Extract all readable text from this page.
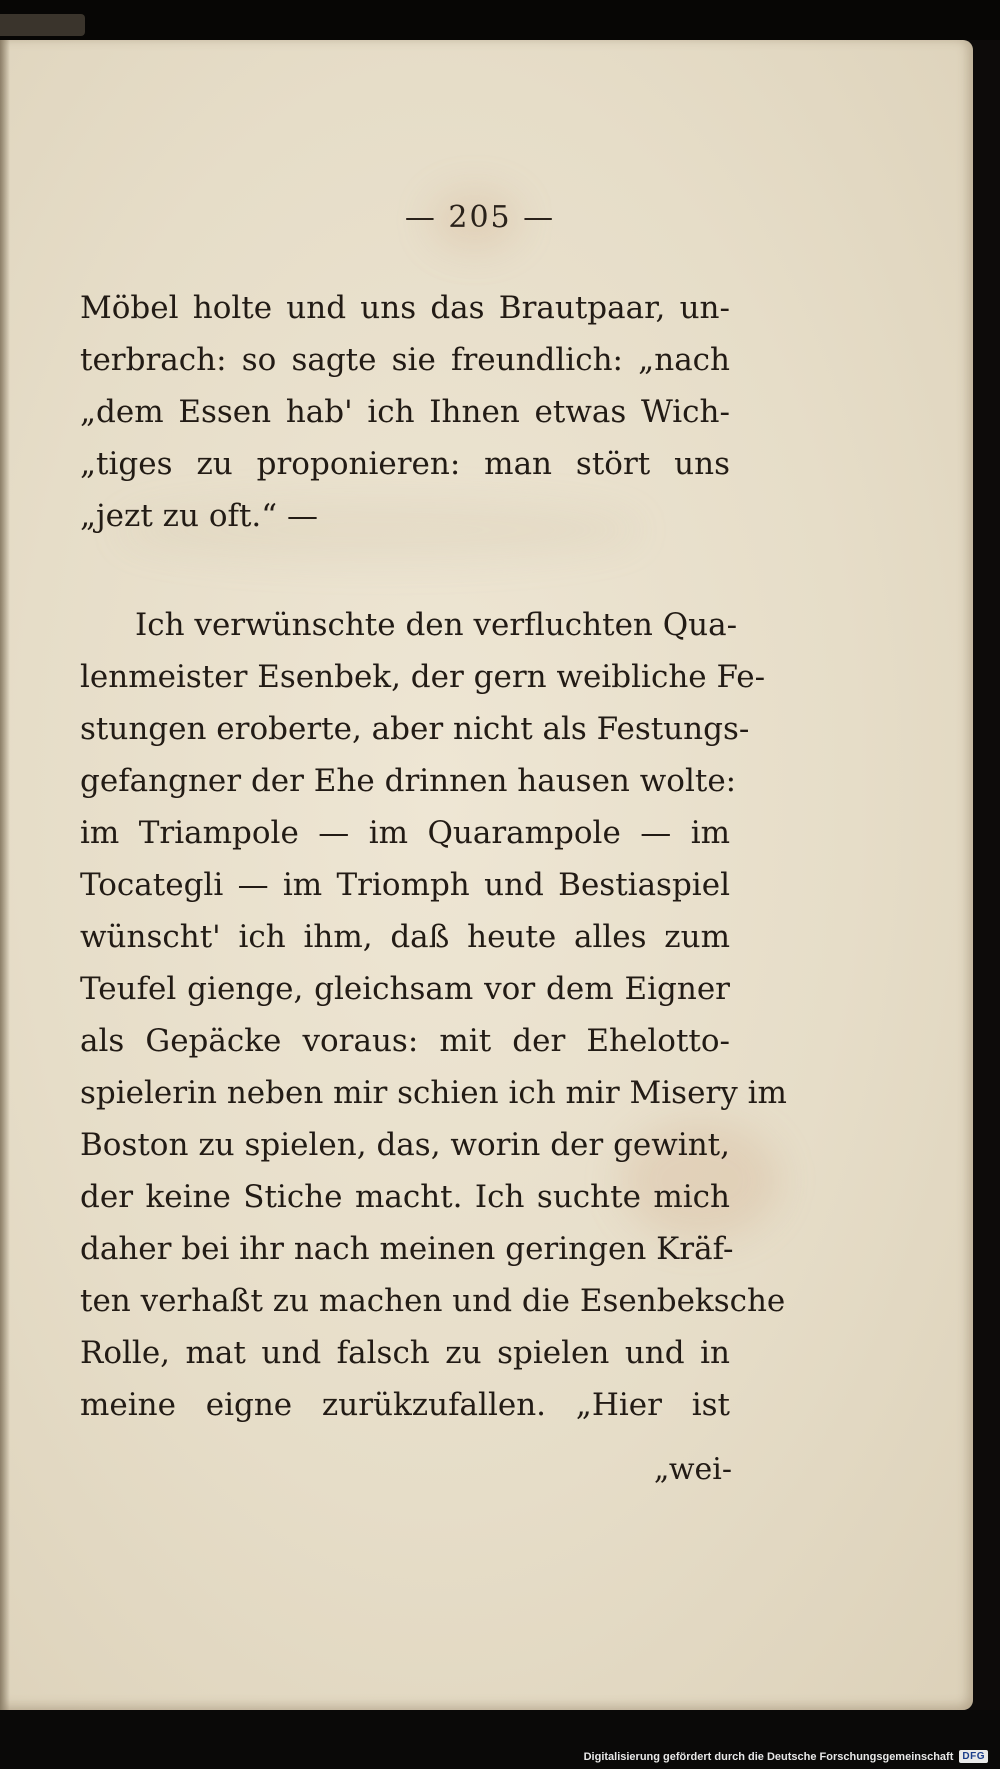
— 205 —
Möbel holte und uns das Brautpaar, un-
terbrach: so sagte sie freundlich: „nach
„dem Essen hab' ich Ihnen etwas Wich-
„tiges zu proponieren: man stört uns
„jezt zu oft.“ —
Ich verwünschte den verfluchten Qua-
lenmeister Esenbek, der gern weibliche Fe-
stungen eroberte, aber nicht als Festungs-
gefangner der Ehe drinnen hausen wolte:
im Triampole — im Quarampole — im
Tocategli — im Triomph und Bestiaspiel
wünscht' ich ihm, daß heute alles zum
Teufel gienge, gleichsam vor dem Eigner
als Gepäcke voraus: mit der Ehelotto-
spielerin neben mir schien ich mir Misery im
Boston zu spielen, das, worin der gewint,
der keine Stiche macht. Ich suchte mich
daher bei ihr nach meinen geringen Kräf-
ten verhaßt zu machen und die Esenbeksche
Rolle, mat und falsch zu spielen und in
meine eigne zurükzufallen. „Hier ist
„wei-
Digitalisierung gefördert durch die Deutsche Forschungsgemeinschaft DFG
